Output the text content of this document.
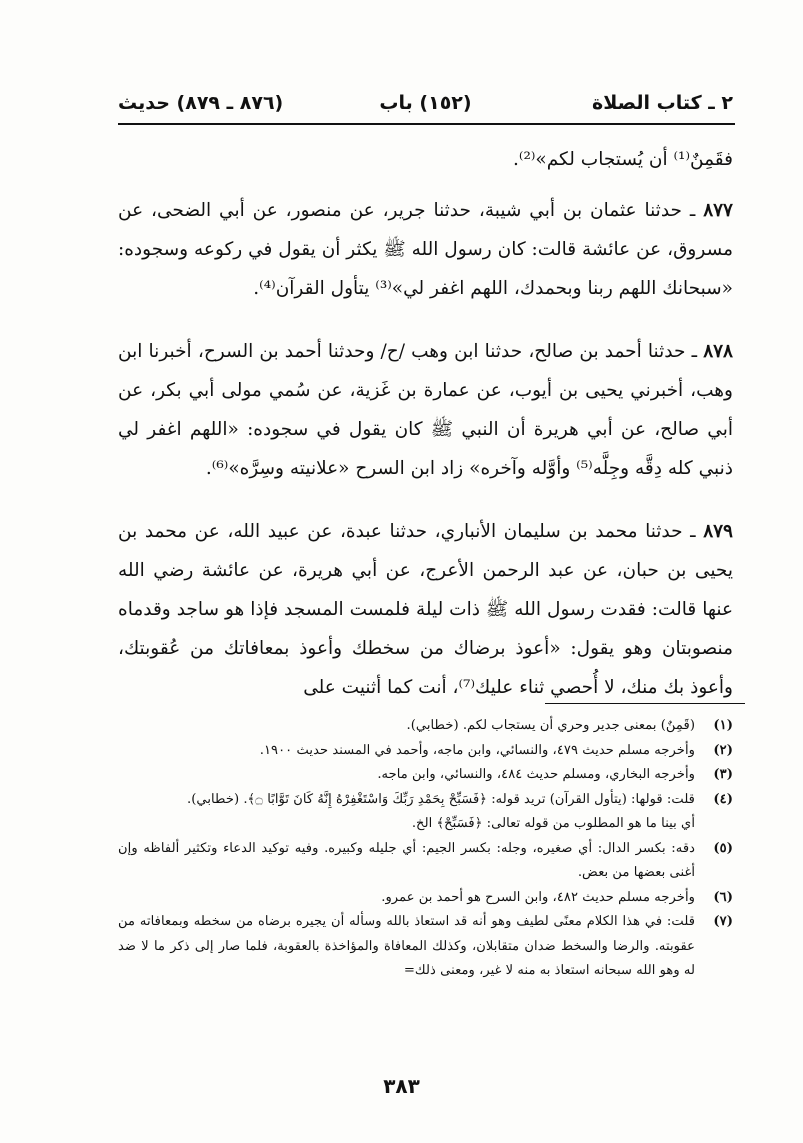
٢ ـ كتاب الصلاة
(١٥٢) باب
(٨٧٦ ـ ٨٧٩) حديث

فقَمِنٌ⁽¹⁾ أن يُستجاب لكم»⁽²⁾.

٨٧٧ ـ حدثنا عثمان بن أبي شيبة، حدثنا جرير، عن منصور، عن أبي الضحى، عن مسروق، عن عائشة قالت: كان رسول الله ﷺ يكثر أن يقول في ركوعه وسجوده: «سبحانك اللهم ربنا وبحمدك، اللهم اغفر لي»⁽³⁾ يتأول القرآن⁽⁴⁾.

٨٧٨ ـ حدثنا أحمد بن صالح، حدثنا ابن وهب /ح/ وحدثنا أحمد بن السرح، أخبرنا ابن وهب، أخبرني يحيى بن أيوب، عن عمارة بن غَزية، عن سُمي مولى أبي بكر، عن أبي صالح، عن أبي هريرة أن النبي ﷺ كان يقول في سجوده: «اللهم اغفر لي ذنبي كله دِقَّه وجِلَّه⁽⁵⁾ وأوَّله وآخره» زاد ابن السرح «علانيته وسِرَّه»⁽⁶⁾.

٨٧٩ ـ حدثنا محمد بن سليمان الأنباري، حدثنا عبدة، عن عبيد الله، عن محمد بن يحيى بن حبان، عن عبد الرحمن الأعرج، عن أبي هريرة، عن عائشة رضي الله عنها قالت: فقدت رسول الله ﷺ ذات ليلة فلمست المسجد فإذا هو ساجد وقدماه منصوبتان وهو يقول: «أعوذ برضاك من سخطك وأعوذ بمعافاتك من عُقوبتك، وأعوذ بك منك، لا أُحصي ثناء عليك⁽⁷⁾، أنت كما أثنيت على

(١)
(قَمِنٌ) بمعنى جدير وحري أن يستجاب لكم. (خطابي).
(٢)
وأخرجه مسلم حديث ٤٧٩، والنسائي، وابن ماجه، وأحمد في المسند حديث ١٩٠٠.
(٣)
وأخرجه البخاري، ومسلم حديث ٤٨٤، والنسائي، وابن ماجه.
(٤)
قلت: قولها: (يتأول القرآن) تريد قوله: ﴿فَسَبِّحْ بِحَمْدِ رَبِّكَ وَاسْتَغْفِرْهُ إِنَّهُ كَانَ تَوَّابًا ۝﴾. (خطابي).
أي بينا ما هو المطلوب من قوله تعالى: ﴿فَسَبِّحْ﴾ الخ.
(٥)
دقه: بكسر الدال: أي صغيره، وجله: بكسر الجيم: أي جليله وكبيره. وفيه توكيد الدعاء وتكثير ألفاظه وإن أغنى بعضها من بعض.
(٦)
وأخرجه مسلم حديث ٤٨٢، وابن السرح هو أحمد بن عمرو.
(٧)
قلت: في هذا الكلام معنًى لطيف وهو أنه قد استعاذ بالله وسأله أن يجيره برضاه من سخطه وبمعافاته من عقوبته. والرضا والسخط ضدان متقابلان، وكذلك المعافاة والمؤاخذة بالعقوبة، فلما صار إلى ذكر ما لا ضد له وهو الله سبحانه استعاذ به منه لا غير، ومعنى ذلك=
٣٨٣
